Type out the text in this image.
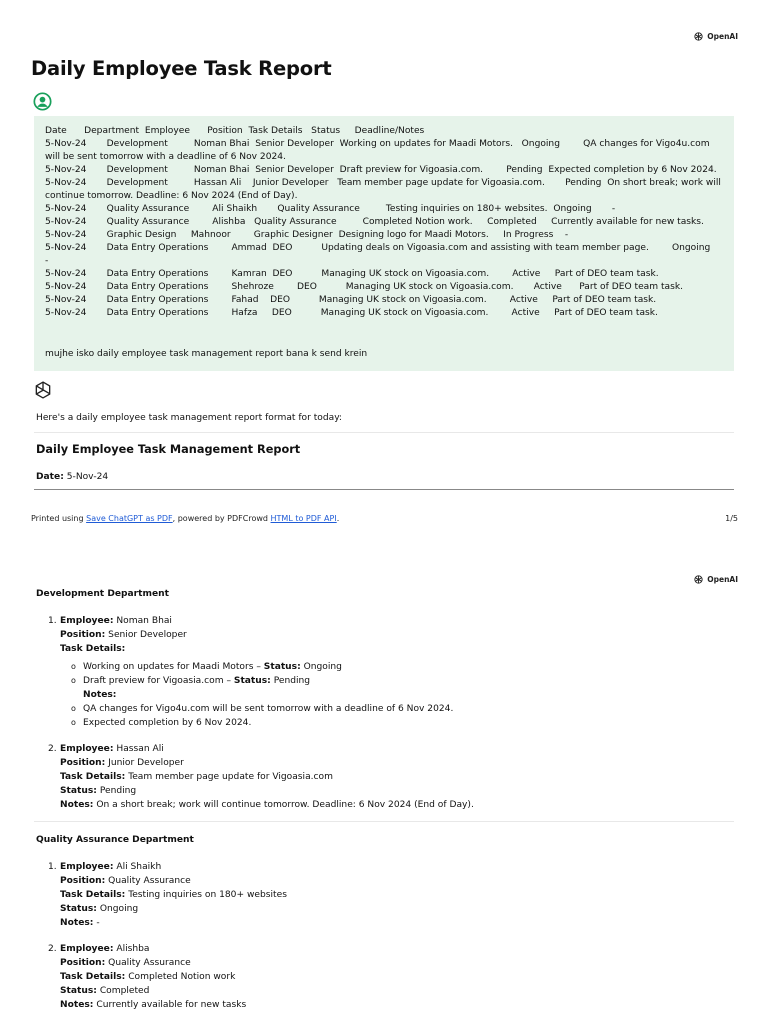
OpenAI
Daily Employee Task Report
Date      Department  Employee      Position  Task Details   Status     Deadline/Notes
5-Nov-24       Development         Noman Bhai  Senior Developer  Working on updates for Maadi Motors.   Ongoing        QA changes for Vigo4u.com will be sent tomorrow with a deadline of 6 Nov 2024.
5-Nov-24       Development         Noman Bhai  Senior Developer  Draft preview for Vigoasia.com.        Pending  Expected completion by 6 Nov 2024.
5-Nov-24       Development         Hassan Ali    Junior Developer   Team member page update for Vigoasia.com.       Pending  On short break; work will continue tomorrow. Deadline: 6 Nov 2024 (End of Day).
5-Nov-24       Quality Assurance        Ali Shaikh       Quality Assurance         Testing inquiries on 180+ websites.  Ongoing       -
5-Nov-24       Quality Assurance        Alishba   Quality Assurance         Completed Notion work.     Completed     Currently available for new tasks.
5-Nov-24       Graphic Design     Mahnoor        Graphic Designer  Designing logo for Maadi Motors.     In Progress    -
5-Nov-24       Data Entry Operations        Ammad  DEO          Updating deals on Vigoasia.com and assisting with team member page.        Ongoing          -
5-Nov-24       Data Entry Operations        Kamran  DEO          Managing UK stock on Vigoasia.com.        Active     Part of DEO team task.
5-Nov-24       Data Entry Operations        Shehroze        DEO          Managing UK stock on Vigoasia.com.       Active      Part of DEO team task.
5-Nov-24       Data Entry Operations        Fahad    DEO          Managing UK stock on Vigoasia.com.        Active     Part of DEO team task.
5-Nov-24       Data Entry Operations        Hafza     DEO          Managing UK stock on Vigoasia.com.        Active     Part of DEO team task.
mujhe isko daily employee task management report bana k send krein
Here's a daily employee task management report format for today:
Daily Employee Task Management Report
Date: 5-Nov-24
Printed using Save ChatGPT as PDF, powered by PDFCrowd HTML to PDF API.	1/5
OpenAI
Development Department
1. Employee: Noman Bhai
Position: Senior Developer
Task Details:
o Working on updates for Maadi Motors – Status: Ongoing
o Draft preview for Vigoasia.com – Status: Pending
Notes:
o QA changes for Vigo4u.com will be sent tomorrow with a deadline of 6 Nov 2024.
o Expected completion by 6 Nov 2024.
2. Employee: Hassan Ali
Position: Junior Developer
Task Details: Team member page update for Vigoasia.com
Status: Pending
Notes: On a short break; work will continue tomorrow. Deadline: 6 Nov 2024 (End of Day).
Quality Assurance Department
1. Employee: Ali Shaikh
Position: Quality Assurance
Task Details: Testing inquiries on 180+ websites
Status: Ongoing
Notes: -
2. Employee: Alishba
Position: Quality Assurance
Task Details: Completed Notion work
Status: Completed
Notes: Currently available for new tasks
